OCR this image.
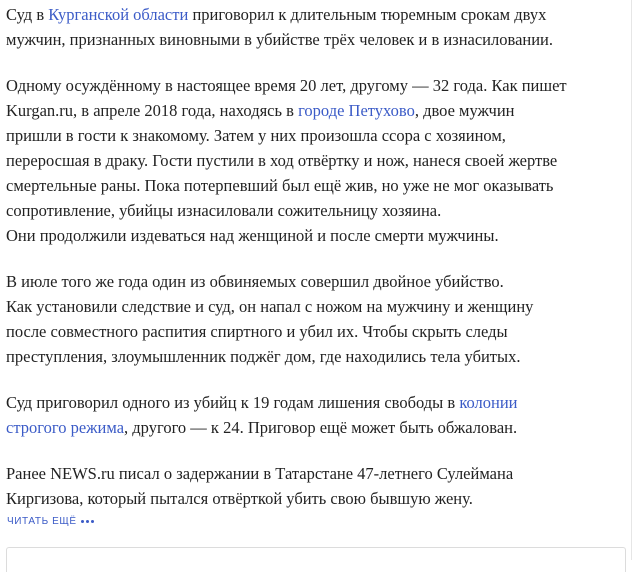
Суд в Курганской области приговорил к длительным тюремным срокам двух
мужчин, признанных виновными в убийстве трёх человек и в изнасиловании.

Одному осуждённому в настоящее время 20 лет, другому — 32 года. Как пишет
Kurgan.ru, в апреле 2018 года, находясь в городе Петухово, двое мужчин
пришли в гости к знакомому. Затем у них произошла ссора с хозяином,
переросшая в драку. Гости пустили в ход отвёртку и нож, нанеся своей жертве
смертельные раны. Пока потерпевший был ещё жив, но уже не мог оказывать
сопротивление, убийцы изнасиловали сожительницу хозяина.
Они продолжили издеваться над женщиной и после смерти мужчины.

В июле того же года один из обвиняемых совершил двойное убийство.
Как установили следствие и суд, он напал с ножом на мужчину и женщину
после совместного распития спиртного и убил их. Чтобы скрыть следы
преступления, злоумышленник поджёг дом, где находились тела убитых.

Суд приговорил одного из убийц к 19 годам лишения свободы в колонии
строгого режима, другого — к 24. Приговор ещё может быть обжалован.

Ранее NEWS.ru писал о задержании в Татарстане 47-летнего Сулеймана
Киргизова, который пытался отвёрткой убить свою бывшую жену.

ЧИТАТЬ ЕЩЁ
